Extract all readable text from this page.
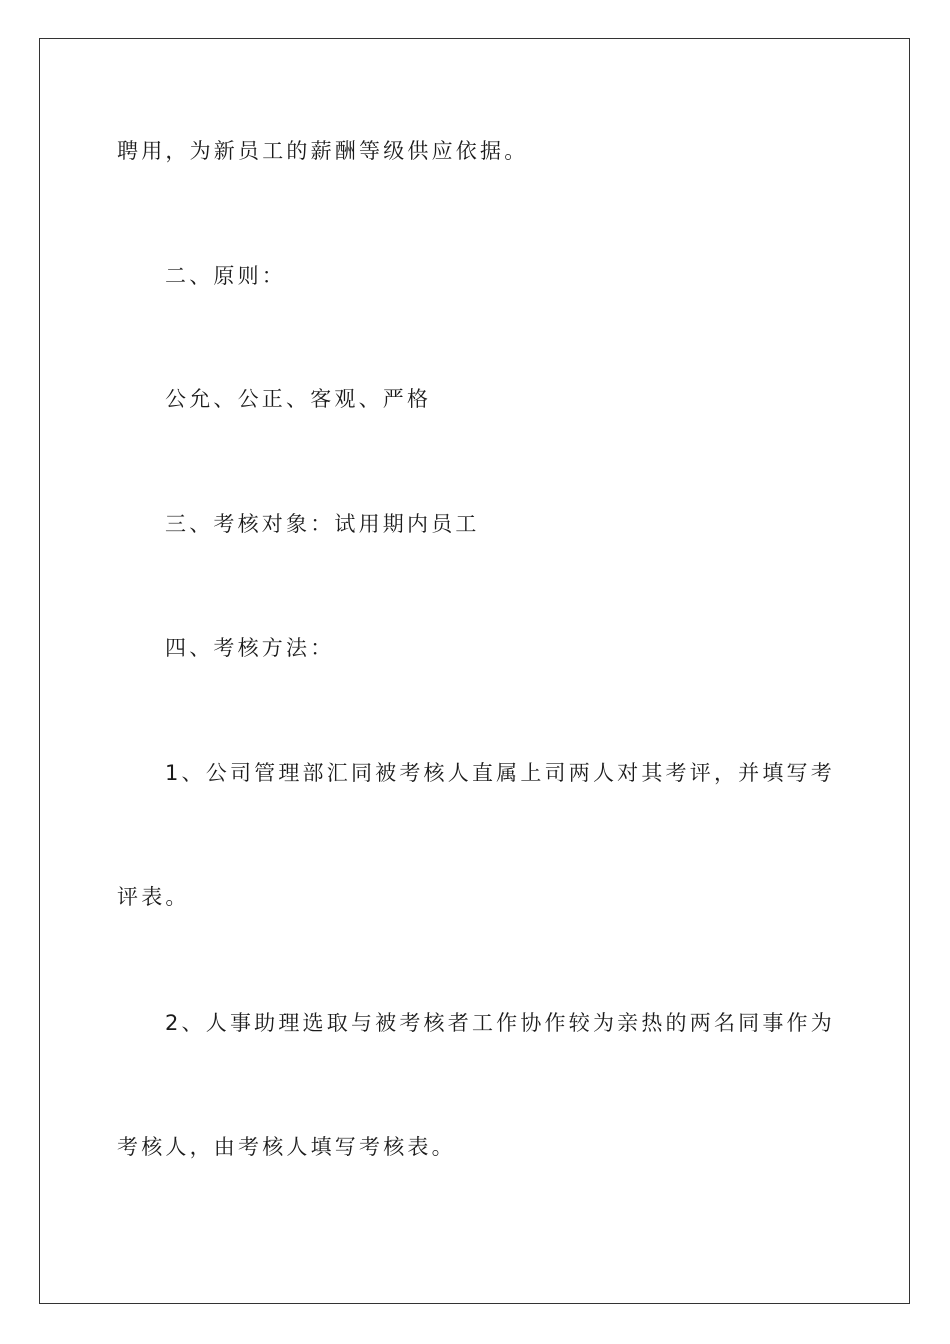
聘用，为新员工的薪酬等级供应依据。
二、原则：
公允、公正、客观、严格
三、考核对象：试用期内员工
四、考核方法：
1、公司管理部汇同被考核人直属上司两人对其考评，并填写考
评表。
2、人事助理选取与被考核者工作协作较为亲热的两名同事作为
考核人，由考核人填写考核表。
